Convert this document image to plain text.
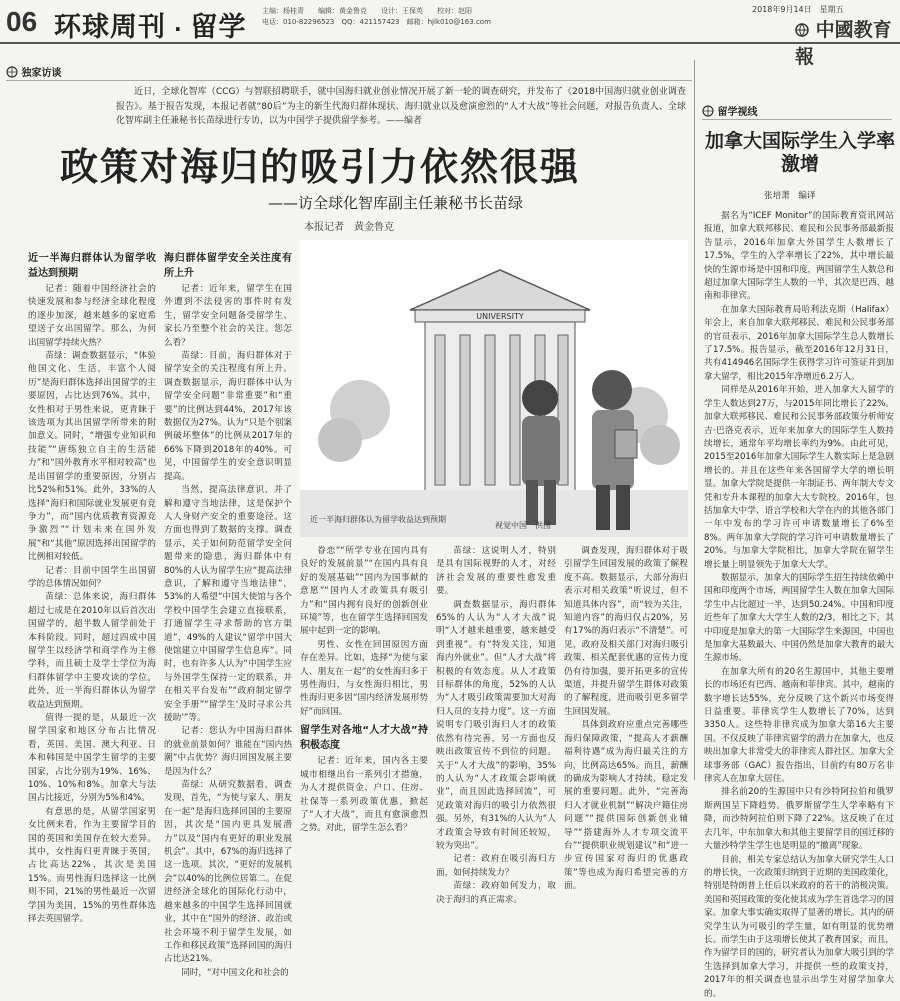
06 环球周刊 · 留学
主编：杨桂青　　编辑：黄金鲁克　　设计：王保英　　校对：赵阳
电话：010-82296523　QQ：421157423　邮箱：hjlk010@163.com
2018年9月14日　星期五
中國教育報
独家访谈
近日，全球化智库（CCG）与智联招聘联手，就中国海归就业创业情况开展了新一轮的调查研究，并发布了《2018中国海归就业创业调查报告》。基于报告发现，本报记者就“80后”为主的新生代海归群体现状、海归就业以及愈演愈烈的“人才大战”等社会问题，对报告负责人、全球化智库副主任兼秘书长苗绿进行专访，以为中国学子提供留学参考。——编者
政策对海归的吸引力依然很强
——访全球化智库副主任兼秘书长苗绿
本报记者　黄金鲁克
UNIVERSITY
近一半海归群体认为留学收益达到预期
视觉中国　供图
近一半海归群体认为留学收益达到预期
记者：随着中国经济社会的快速发展和参与经济全球化程度的逐步加深，越来越多的家庭希望送子女出国留学。那么，为何出国留学持续火热？
苗绿：调查数据显示，“体验他国文化、生活，丰富个人阅历”是海归群体选择出国留学的主要原因，占比达到76%。其中，女性相对于男性来说，更青睐于该选项为其出国留学所带来的附加意义。同时，“增强专业知识和技能”“唐练独立自主的生活能力”和“国外教育水平相对较高”也是出国留学的重要原因，分别占比52%和51%。此外，33%的人选择“海归和国际就业发展更有竞争力”，而“国内优质教育资源竞争激烈”“计划未来在国外发展”和“其他”原因选择出国留学的比例相对较低。
记者：目前中国学生出国留学的总体情况如何？
苗绿：总体来说，海归群体超过七成是在2010年以后首次出国留学的，超半数人留学前处于本科阶段。同时，超过四成中国留学生以经济学和商学作为主修学科，而且硕士及学士学位为海归群体留学中主要攻读的学位。此外，近一半海归群体认为留学收益达到预期。
值得一提的是，从最近一次留学国家和地区分布占比情况看，英国、美国、澳大利亚、日本和韩国是中国学生留学的主要国家，占比分别为19%、16%、10%、10%和8%。加拿大与法国占比接近，分别为5%和4%。
有意思的是，从留学国家男女比例来看，作为主要留学目的国的英国和美国存在较大差异。其中，女性海归更青睐于英国，占比高达22%，其次是美国15%。而男性海归选择这一比例则不同，21%的男性最近一次留学国为美国，15%的男性群体选择去英国留学。
海归群体留学安全关注度有所上升
记者：近年来，留学生在国外遭到不法侵害的事件时有发生，留学安全问题备受留学生、家长乃至整个社会的关注。您怎么看？
苗绿：目前，海归群体对于留学安全的关注程度有所上升。调查数据显示，海归群体中认为留学安全问题“非常重要”和“重要”的比例达到44%，2017年该数据仅为27%。认为“只是个别案例破坏整体”的比例从2017年的66%下降到2018年的40%。可见，中国留学生的安全意识明显提高。
当然，提高法律意识，并了解和遵守当地法律，这是保护个人人身财产安全的重要途径。这方面也得到了数据的支撑。调查显示，关于如何防范留学安全问题带来的隐患，海归群体中有80%的人认为留学生应“提高法律意识，了解和遵守当地法律”，53%的人希望“中国大使馆与各个学校中国学生会建立直接联系，打通留学生寻求帮助的官方渠道”，49%的人建议“留学中国大使馆建立中国留学生信息库”。同时，也有许多人认为“中国学生应与外国学生保持一定的联系，并在相关平台发布”“政府制定留学安全手册”“留学生‘及时寻求公共援助’”等。
记者：您认为中国海归群体的就业前景如何？谁能在“国内热潮”中占优势？海归回国发展主要是因为什么？
苗绿：从研究数据看，调查发现，首先，“为使与家人、朋友在一起”是海归选择回国的主要原因，其次是“国内更具发展潜力”以及“国内有更好的职业发展机会”。其中，67%的海归选择了这一选项。其次，“更好的发展机会”以40%的比例位居第二。在促进经济全球化的国际化行动中，越来越多的中国学生选择回国就业，其中在“国外的经济、政治或社会环境不利于留学生发展，如工作和移民政策”选择回国的海归占比达21%。
同时，“对中国文化和社会的
眷恋”“所学专业在国内具有良好的发展前景”“在国内具有良好的发展基础”“国内为国事献的意愿”“国内人才政策具有吸引力”和“国内拥有良好的创新创业环境”等，也在留学生选择回国发展中起到一定的影响。
男性、女性在回国原因方面存在差异。比如，选择“为使与家人、朋友在一起”的女性海归多于男性海归，与女性海归相比，男性海归更多因“国内经济发展形势好”而回国。
留学生对各地“人才大战”持积极态度
记者：近年来，国内各主要城市相继出台一系列引才措施，为人才提供资金、户口、住房、社保等一系列政策优惠，掀起了“人才大战”，而且有愈演愈烈之势。对此，留学生怎么看？
苗绿：这说明人才，特别是具有国际视野的人才，对经济社会发展的重要性愈发重要。
调查数据显示，海归群体65%的人认为“人才大战”说明“人才越来越重要，越来越受到重视”。有“特发关注，知道海内外就业”。但“人才大战”将积极的有效态度。从人才政策目标群体的角度，52%的人认为“人才吸引政策需要加大对海归人员的支持力度”。这一方面说明专门吸引海归人才的政策依然有待完善，另一方面也反映出政策宣传不到位的问题。关于“人才大战”的影响，35%的人认为“人才政策会影响就业”，而且因此选择回流”，可见政策对海归的吸引力依然很强。另外，有31%的人认为“人才政策会导致有时间还较短，较为突出”。
记者：政府在吸引海归方面，如何持续发力？
苗绿：政府如何发力，取决于海归的真正需求。
调查发现，海归群体对于吸引留学生回国发展的政策了解程度不高。数据显示，大部分海归表示对相关政策“听说过，但不知道具体内容”，而“较为关注，知道内容”的海归仅占20%，另有17%的海归表示“不清楚”。可见，政府及相关部门对海归吸引政策、相关配套优惠的宣传力度仍有待加强，要开拓更多的宣传渠道，并提升留学生群体对政策的了解程度，进而吸引更多留学生回国发展。
具体到政府应重点完善哪些海归保障政策，“提高人才薪酬福利待遇”成为海归最关注的方向，比例高达65%。而且，薪酬的确成为影响人才持续、稳定发展的重要问题。此外，“完善海归人才就业机制”“解决户籍住房问题”“提供国际创新创业辅导”“搭建海外人才专项交流平台”“提供职业规划建议”和“进一步宣传国家对海归的优惠政策”等也成为海归希望完善的方面。
留学视线
加拿大国际学生入学率激增
张培萧　编译
据名为“ICEF Monitor”的国际教育资讯网站报道，加拿大联邦移民、难民和公民事务部最新报告显示，2016年加拿大外国学生人数增长了17.5%，学生的入学率增长了22%，其中增长最快的生源市场是中国和印度，两国留学生人数总和超过加拿大国际学生人数的一半，其次是巴西、越南和菲律宾。
在加拿大国际教育局哈利法克斯（Halifax）年会上，来自加拿大联邦移民、难民和公民事务部的官员表示，2016年加拿大国际学生总人数增长了17.5%。报告显示，截至2016年12月31日，共有414946名国际学生获得学习许可签证并到加拿大留学，相比2015年净增近6.2万人。
同样是从2016年开始，进入加拿大人留学的学生人数达到27万，与2015年同比增长了22%。加拿大联邦移民、难民和公民事务部政策分析师安吉·巴洛克表示，近年来加拿大的国际学生人数持续增长，通常年平均增长率约为9%。由此可见，2015至2016年加拿大国际学生人数实际上是急剧增长的。并且在这些年来各国留学大学的增长明显。加拿大学院是提供一年制证书、两年制大专文凭和专升本课程的加拿大大专院校。2016年，包括加拿大中学、语言学校和大学在内的其他各部门一年中发布的学习许可申请数量增长了6%至8%。两年加拿大学院的学习许可申请数量增长了20%。与加拿大学院相比，加拿大学院在留学生增长量上明显领先于加拿大大学。
数据显示，加拿大的国际学生招生持续依赖中国和印度两个市场，两国留学生人数在加拿大国际学生中占比超过一半，达到50.24%。中国和印度近些年了加拿大大学生人数的2/3，相比之下，其中印度是加拿大的第一大国际学生来源国，中国也是加拿大基数最大、中国仍然是加拿大教育的最大生源市场。
在加拿大所有的20名生源国中，其他主要增长的市场还有巴西、越南和菲律宾。其中，越南的数字增长达55%，充分反映了这个新兴市场变得日益重要。菲律宾学生人数增长了70%，达到3350人。这些特非律宾成为加拿大第16大主要国。不仅反映了菲律宾留学的潜力在加拿大，也反映出加拿大非常受大的菲律宾人群社区。加拿大全球事务部（GAC）报告指出，目前约有80万名非律宾人在加拿大居住。
排名前20的生源国中只有沙特阿拉伯和俄罗斯两国呈下降趋势。俄罗斯留学生人学率略有下降，而沙特阿拉伯则下降了22%。这反映了在过去几年，中东加拿大和其他主要留学目的国迁移的大量沙特学生学生也是明显的“撤离”现象。
目前，相关专家总结认为加拿大研究学生人口的增长快，一次政策归纳到于近期的美国政策化，特别是特朗普上任后以来政府的若干的消极决策。美国和英国政策的变化使其成为学生首选学习的国家。加拿大事实确实取得了显著的增长。其内的研究学生认为可吸引的学生量，如有明显的优势增长。而学生由于这项增长使其了教育国家，而且，作为留学目的国的，研究者认为加拿大吸引到的学生选择到加拿大学习，并提供一些的政策支持，2017年的相关调查也显示出学生对留学加拿大的。
